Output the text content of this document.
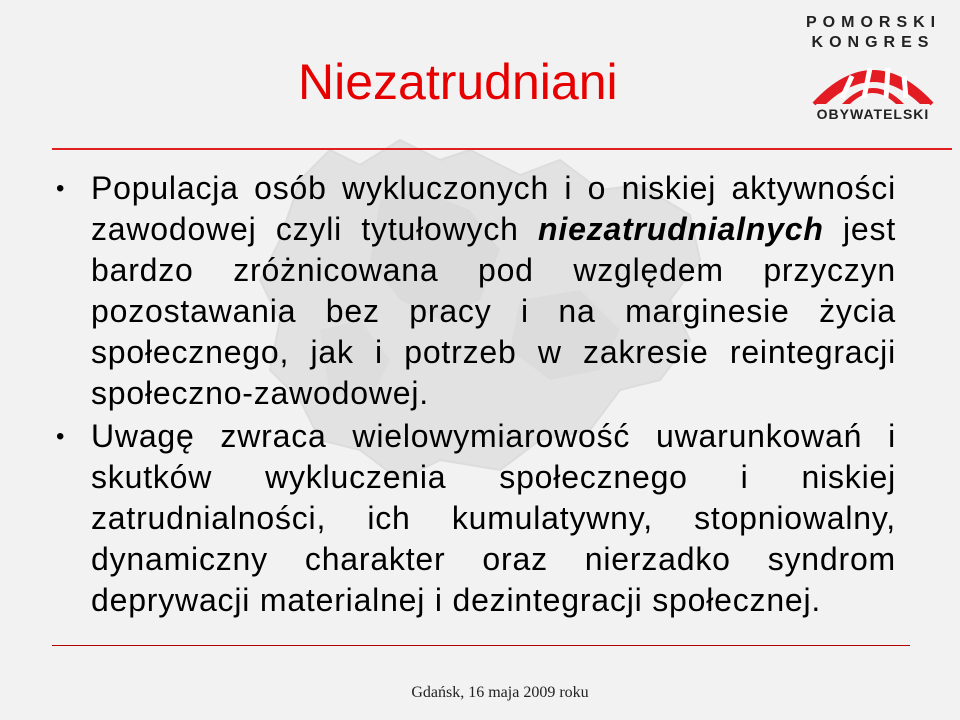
Niezatrudniani
POMORSKI
KONGRES
OBYWATELSKI

• Populacja osób wykluczonych i o niskiej aktywności zawodowej czyli tytułowych niezatrudnialnych jest bardzo zróżnicowana pod względem przyczyn pozostawania bez pracy i na marginesie życia społecznego, jak i potrzeb w zakresie reintegracji społeczno-zawodowej.

• Uwagę zwraca wielowymiarowość uwarunkowań i skutków wykluczenia społecznego i niskiej zatrudnialności, ich kumulatywny, stopniowalny, dynamiczny charakter oraz nierzadko syndrom deprywacji materialnej i dezintegracji społecznej.

Gdańsk, 16 maja 2009 roku
